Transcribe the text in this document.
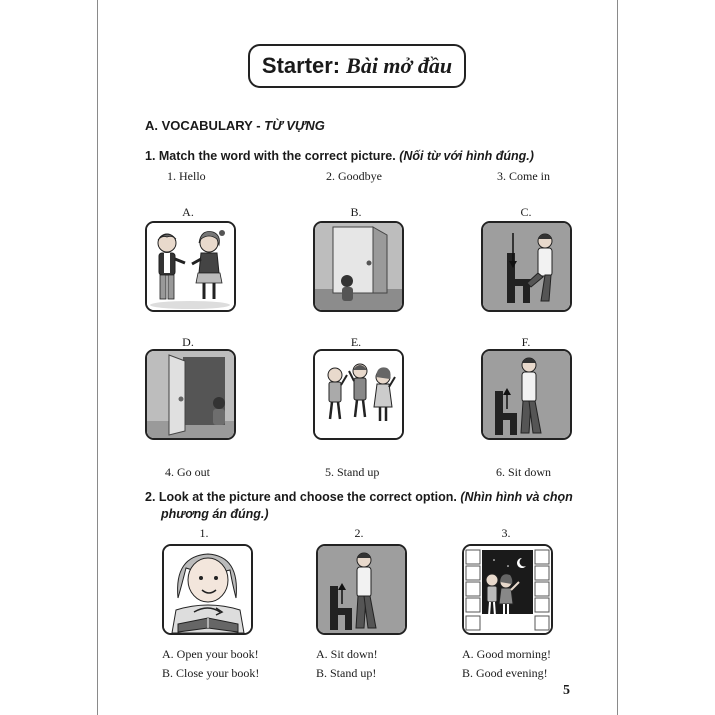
Starter: Bài mở đầu
A. VOCABULARY - TỪ VỰNG
1. Match the word with the correct picture. (Nối từ với hình đúng.)
1. Hello	2. Goodbye	3. Come in
A.	B.	C.
D.	E.	F.
4. Go out	5. Stand up	6. Sit down
2. Look at the picture and choose the correct option. (Nhìn hình và chọn
phương án đúng.)
1.	2.	3.
A. Open your book!
B. Close your book!
A. Sit down!
B. Stand up!
A. Good morning!
B. Good evening!
5
